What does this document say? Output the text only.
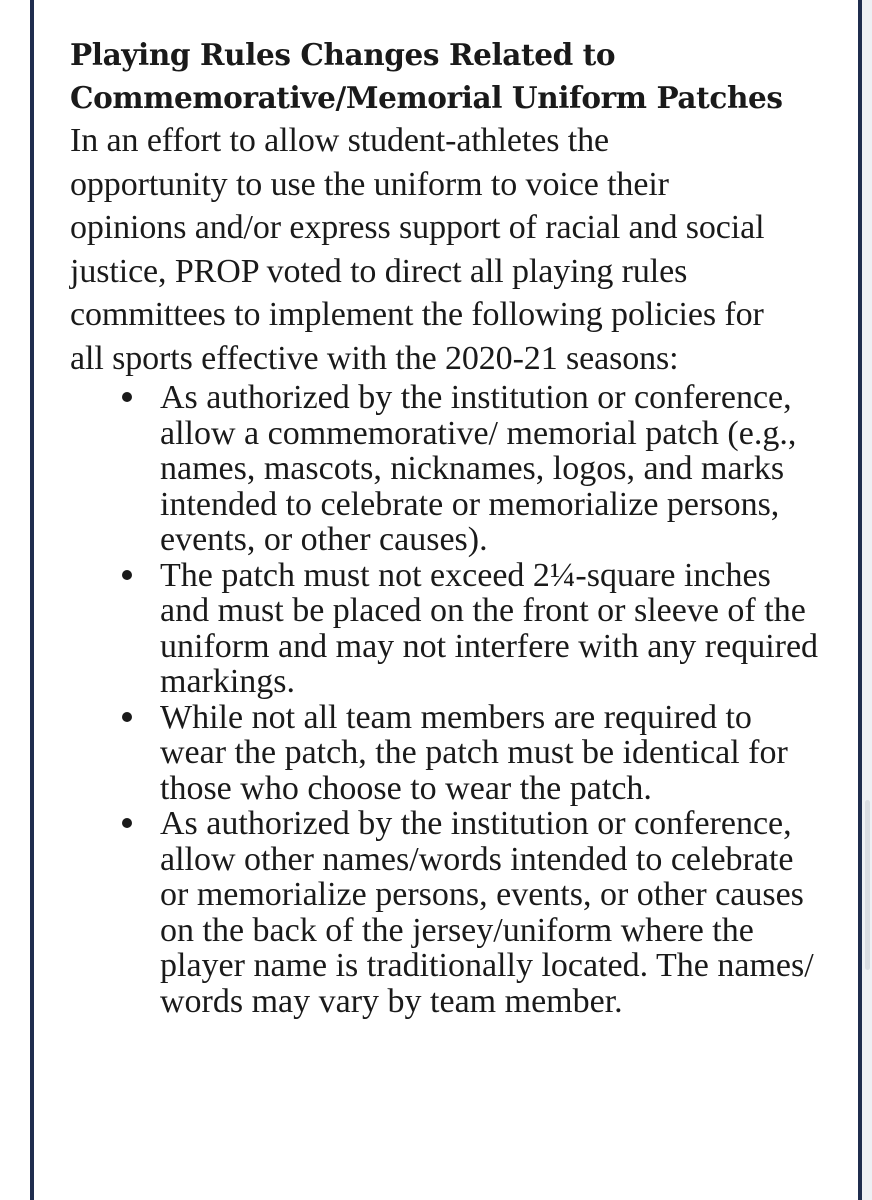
Playing Rules Changes Related to Commemorative/Memorial Uniform Patches

In an effort to allow student-athletes the opportunity to use the uniform to voice their opinions and/or express support of racial and social justice, PROP voted to direct all playing rules committees to implement the following policies for all sports effective with the 2020-21 seasons:

As authorized by the institution or conference, allow a commemorative/ memorial patch (e.g., names, mascots, nicknames, logos, and marks intended to celebrate or memorialize persons, events, or other causes).
The patch must not exceed 2¼-square inches and must be placed on the front or sleeve of the uniform and may not interfere with any required markings.
While not all team members are required to wear the patch, the patch must be identical for those who choose to wear the patch.
As authorized by the institution or conference, allow other names/words intended to celebrate or memorialize persons, events, or other causes on the back of the jersey/uniform where the player name is traditionally located. The names/ words may vary by team member.
